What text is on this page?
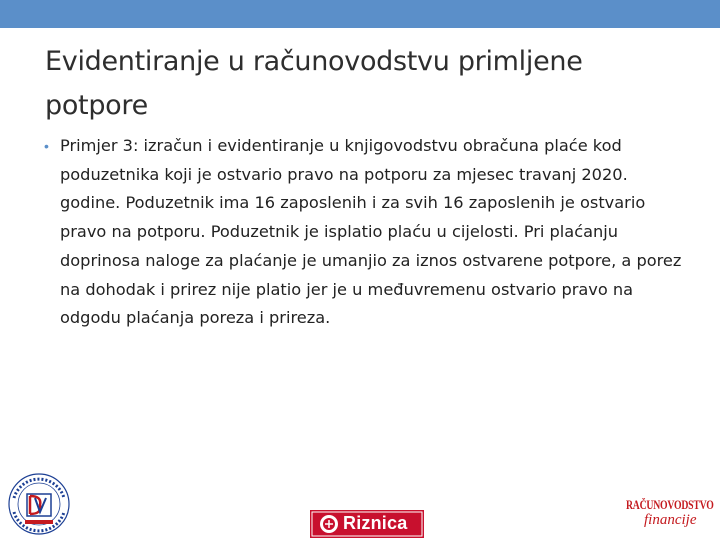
Evidentiranje u računovodstvu primljene potpore
• Primjer 3: izračun i evidentiranje u knjigovodstvu obračuna plaće kod poduzetnika koji je ostvario pravo na potporu za mjesec travanj 2020. godine. Poduzetnik ima 16 zaposlenih i za svih 16 zaposlenih je ostvario pravo na potporu. Poduzetnik je isplatio plaću u cijelosti. Pri plaćanju doprinosa naloge za plaćanje je umanjio za iznos ostvarene potpore, a porez na dohodak i prirez nije platio jer je u međuvremenu ostvario pravo na odgodu plaćanja poreza i prireza.
Riznica
RAČUNOVODSTVO
financije
